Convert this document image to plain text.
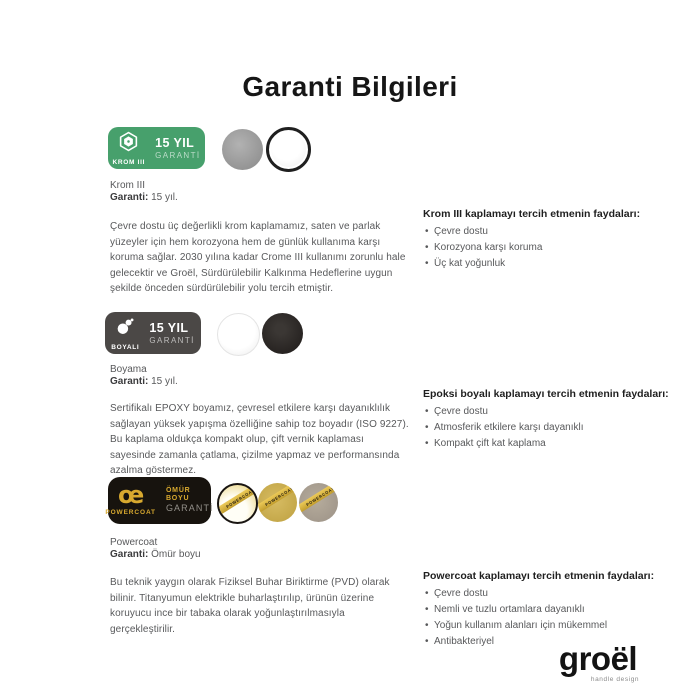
Garanti Bilgileri
KROM III
15 YIL
GARANTİ
Krom III
Garanti: 15 yıl.

Çevre dostu üç değerlikli krom kaplamamız, saten ve parlak yüzeyler için hem korozyona hem de günlük kullanıma karşı koruma sağlar. 2030 yılına kadar Crome III kullanımı zorunlu hale gelecektir ve Groël, Sürdürülebilir Kalkınma Hedeflerine uygun şekilde önceden sürdürülebilir yolu tercih etmiştir.

Krom III kaplamayı tercih etmenin faydaları:
• Çevre dostu
• Korozyona karşı koruma
• Üç kat yoğunluk
BOYALI
15 YIL
GARANTİ
Boyama
Garanti: 15 yıl.

Sertifikalı EPOXY boyamız, çevresel etkilere karşı dayanıklılık sağlayan yüksek yapışma özelliğine sahip toz boyadır (ISO 9227). Bu kaplama oldukça kompakt olup, çift vernik kaplaması sayesinde zamanla çatlama, çizilme yapmaz ve performansında azalma göstermez.

Epoksi boyalı kaplamayı tercih etmenin faydaları:
• Çevre dostu
• Atmosferik etkilere karşı dayanıklı
• Kompakt çift kat kaplama
œ
POWERCOAT
ÖMÜR BOYU
GARANTİ	POWERCOAT	POWERCOAT	POWERCOAT
Powercoat
Garanti: Ömür boyu

Bu teknik yaygın olarak Fiziksel Buhar Biriktirme (PVD) olarak bilinir. Titanyumun elektrikle buharlaştırılıp, ürünün üzerine koruyucu ince bir tabaka olarak yoğunlaştırılmasıyla gerçekleştirilir.

Powercoat kaplamayı tercih etmenin faydaları:
• Çevre dostu
• Nemli ve tuzlu ortamlara dayanıklı
• Yoğun kullanım alanları için mükemmel
• Antibakteriyel	groël
handle design
